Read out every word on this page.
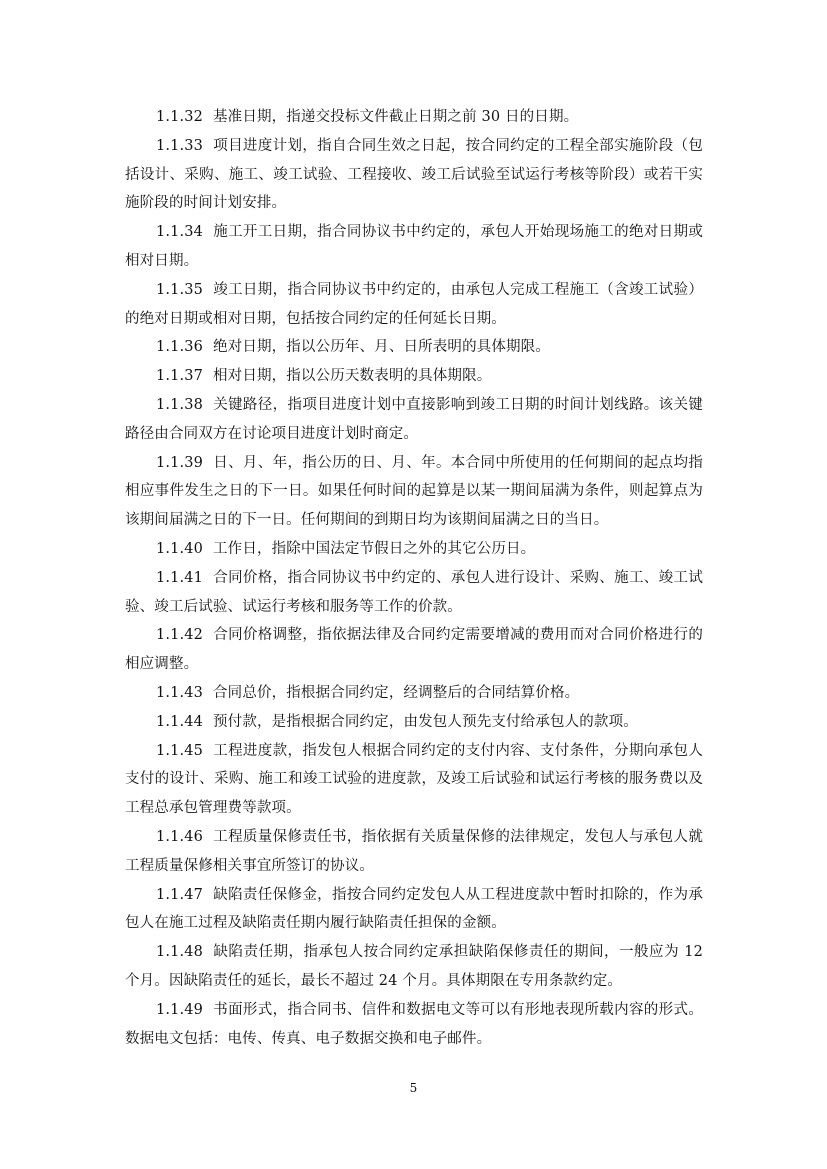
1.1.32 基准日期，指递交投标文件截止日期之前 30 日的日期。

1.1.33 项目进度计划，指自合同生效之日起，按合同约定的工程全部实施阶段（包括设计、采购、施工、竣工试验、工程接收、竣工后试验至试运行考核等阶段）或若干实施阶段的时间计划安排。

1.1.34 施工开工日期，指合同协议书中约定的，承包人开始现场施工的绝对日期或相对日期。

1.1.35 竣工日期，指合同协议书中约定的，由承包人完成工程施工（含竣工试验）的绝对日期或相对日期，包括按合同约定的任何延长日期。

1.1.36 绝对日期，指以公历年、月、日所表明的具体期限。

1.1.37 相对日期，指以公历天数表明的具体期限。

1.1.38 关键路径，指项目进度计划中直接影响到竣工日期的时间计划线路。该关键路径由合同双方在讨论项目进度计划时商定。

1.1.39 日、月、年，指公历的日、月、年。本合同中所使用的任何期间的起点均指相应事件发生之日的下一日。如果任何时间的起算是以某一期间届满为条件，则起算点为该期间届满之日的下一日。任何期间的到期日均为该期间届满之日的当日。

1.1.40 工作日，指除中国法定节假日之外的其它公历日。

1.1.41 合同价格，指合同协议书中约定的、承包人进行设计、采购、施工、竣工试验、竣工后试验、试运行考核和服务等工作的价款。

1.1.42 合同价格调整，指依据法律及合同约定需要增减的费用而对合同价格进行的相应调整。

1.1.43 合同总价，指根据合同约定，经调整后的合同结算价格。

1.1.44 预付款，是指根据合同约定，由发包人预先支付给承包人的款项。

1.1.45 工程进度款，指发包人根据合同约定的支付内容、支付条件，分期向承包人支付的设计、采购、施工和竣工试验的进度款，及竣工后试验和试运行考核的服务费以及工程总承包管理费等款项。

1.1.46 工程质量保修责任书，指依据有关质量保修的法律规定，发包人与承包人就工程质量保修相关事宜所签订的协议。

1.1.47 缺陷责任保修金，指按合同约定发包人从工程进度款中暂时扣除的，作为承包人在施工过程及缺陷责任期内履行缺陷责任担保的金额。

1.1.48 缺陷责任期，指承包人按合同约定承担缺陷保修责任的期间，一般应为 12 个月。因缺陷责任的延长，最长不超过 24 个月。具体期限在专用条款约定。

1.1.49 书面形式，指合同书、信件和数据电文等可以有形地表现所载内容的形式。数据电文包括：电传、传真、电子数据交换和电子邮件。

5
